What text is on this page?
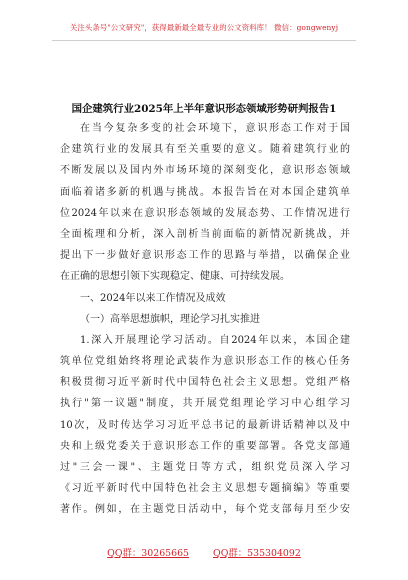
关注头条号"公文研究"，获得最新最全最专业的公文资料库！ 微信：gongwenyj
国企建筑行业2025年上半年意识形态领域形势研判报告1
在当今复杂多变的社会环境下，意识形态工作对于国
企建筑行业的发展具有至关重要的意义。随着建筑行业的
不断发展以及国内外市场环境的深刻变化，意识形态领域
面临着诸多新的机遇与挑战。本报告旨在对本国企建筑单
位2024年以来在意识形态领域的发展态势、工作情况进行
全面梳理和分析，深入剖析当前面临的新情况新挑战，并
提出下一步做好意识形态工作的思路与举措，以确保企业
在正确的思想引领下实现稳定、健康、可持续发展。
一、2024年以来工作情况及成效
（一）高举思想旗帜，理论学习扎实推进
1.深入开展理论学习活动。自2024年以来，本国企建
筑单位党组始终将理论武装作为意识形态工作的核心任务
积极贯彻习近平新时代中国特色社会主义思想。党组严格
执行"第一议题"制度，共开展党组理论学习中心组学习
10次，及时传达学习习近平总书记的最新讲话精神以及中
央和上级党委关于意识形态工作的重要部署。各党支部通
过"三会一课"、主题党日等方式，组织党员深入学习
《习近平新时代中国特色社会主义思想专题摘编》等重要
著作。例如，在主题党日活动中，每个党支部每月至少安
QQ群：30265665	QQ群：535304092
